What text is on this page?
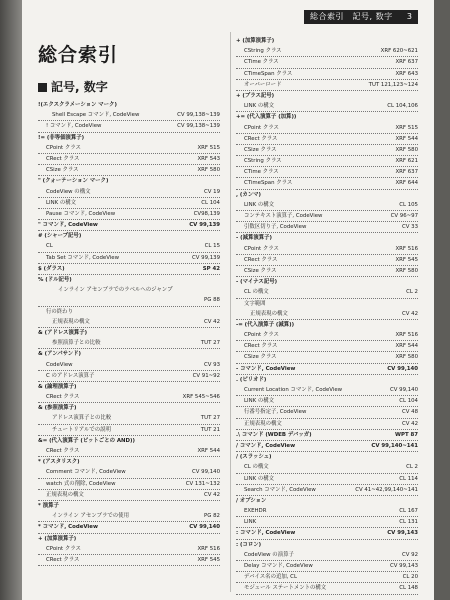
総合索引　記号, 数字 3
総合索引
記号, 数字
!(エクスクラメーション マーク)
Shell Escape コマンド, CodeView	CV 99,138~139
! コマンド, CodeView	CV 99,138~139
!= (非等価演算子)
CPoint クラス	XRF 515
CRect クラス	XRF 543
CSize クラス	XRF 580
" (クォーテーション マーク)
CodeView の構文	CV 19
LINK の構文	CL 104
Pause コマンド, CodeView	CV98,139
" コマンド, CodeView	CV 99,139
# (シャープ記号)
CL	CL 15
Tab Set コマンド, CodeView	CV 99,139
$ (ダラス)	SP 42
% (ドル記号)
インライン アセンブラでのラベルへのジャンプ
PG 88
行の終わり
正規表現の構文	CV 42
& (アドレス演算子)
参照演算子との比較	TUT 27
& (アンパサンド)
CodeView	CV 93
C のアドレス演算子	CV 91~92
& (論理演算子)
CRect クラス	XRF 545~546
& (参照演算子)
アドレス演算子との比較	TUT 27
チュートリアルでの説明	TUT 21
&= (代入演算子 (ビットごとの AND))
CRect クラス	XRF 544
* (アスタリスク)
Comment コマンド, CodeView	CV 99,140
watch 式の削除, CodeView	CV 131~132
正規表現の構文	CV 42
* 演算子
インライン アセンブラでの使用	PG 82
* コマンド, CodeView	CV 99,140
+ (加算演算子)
CPoint クラス	XRF 516
CRect クラス	XRF 545
+ (加算演算子)
CString クラス	XRF 620~621
CTime クラス	XRF 637
CTimeSpan クラス	XRF 643
オーバーロード	TUT 121,123~124
+ (プラス記号)
LINK の構文	CL 104,106
+= (代入演算子 (加算))
CPoint クラス	XRF 515
CRect クラス	XRF 544
CSize クラス	XRF 580
CString クラス	XRF 621
CTime クラス	XRF 637
CTimeSpan クラス	XRF 644
, (カンマ)
LINK の構文	CL 105
コンテキスト演算子, CodeView	CV 96~97
引数区切り子, CodeView	CV 33
- (減算演算子)
CPoint クラス	XRF 516
CRect クラス	XRF 545
CSize クラス	XRF 580
- (マイナス記号)
CL の構文	CL 2
文字範囲
正規表現の構文	CV 42
-= (代入演算子 (減算))
CPoint クラス	XRF 516
CRect クラス	XRF 544
CSize クラス	XRF 580
- コマンド, CodeView	CV 99,140
. (ピリオド)
Current Location コマンド, CodeView	CV 99,140
LINK の構文	CL 104
行番号指定子, CodeView	CV 48
正規表現の構文	CV 42
.\ コマンド (WDEB デバッガ)	WPT 87
/ コマンド, CodeView	CV 99,140~141
/ (スラッシュ)
CL の構文	CL 2
LINK の構文	CL 114
Search コマンド, CodeView	CV 41~42,99,140~141
/ オプション
EXEHDR	CL 167
LINK	CL 131
: コマンド, CodeView	CV 99,143
: (コロン)
CodeView の演算子	CV 92
Delay コマンド, CodeView	CV 99,143
デバイス名の追加, CL	CL 20
モジュール ステートメントの構文	CL 148
